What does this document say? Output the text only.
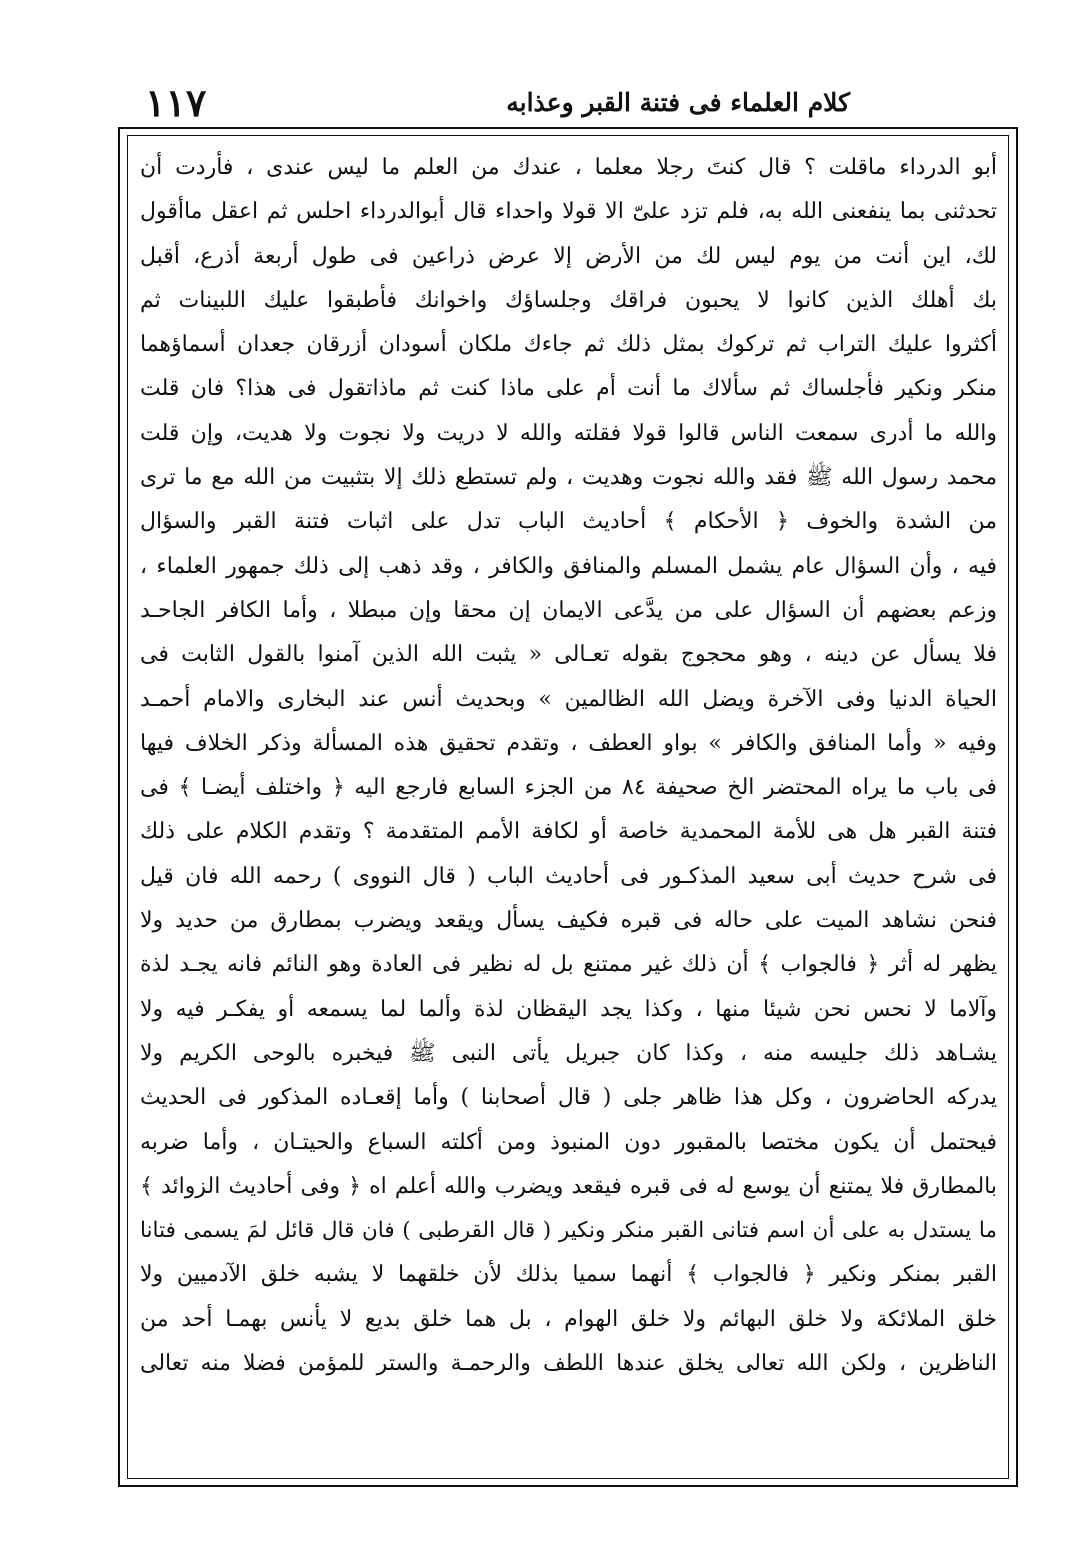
١١٧	كلام العلماء فى فتنة القبر وعذابه
أبو الدرداء ماقلت ؟ قال كنتَ رجلا معلما ، عندك من العلم ما ليس عندى ، فأردت أن
تحدثنى بما ينفعنى الله به، فلم تزد علىّ الا قولا واحداء قال أبوالدرداء احلس ثم اعقل ماأقول
لك، اين أنت من يوم ليس لك من الأرض إلا عرض ذراعين فى طول أربعة أذرع، أقبل
بك أهلك الذين كانوا لا يحبون فراقك وجلساؤك واخوانك فأطبقوا عليك اللبينات ثم
أكثروا عليك التراب ثم تركوك بمثل ذلك ثم جاءك ملكان أسودان أزرقان جعدان أسماؤهما
منكر ونكير فأجلساك ثم سألاك ما أنت أم على ماذا كنت ثم ماذاتقول فى هذا؟ فان قلت
والله ما أدرى سمعت الناس قالوا قولا فقلته والله لا دريت ولا نجوت ولا هديت، وإن قلت
محمد رسول الله ﷺ فقد والله نجوت وهديت ، ولم تستطع ذلك إلا بتثبيت من الله مع ما ترى
من الشدة والخوف ﴿ الأحكام ﴾ أحاديث الباب تدل على اثبات فتنة القبر والسؤال
فيه ، وأن السؤال عام يشمل المسلم والمنافق والكافر ، وقد ذهب إلى ذلك جمهور العلماء ،
وزعم بعضهم أن السؤال على من يدَّعى الايمان إن محقا وإن مبطلا ، وأما الكافر الجاحـد
فلا يسأل عن دينه ، وهو محجوج بقوله تعـالى « يثبت الله الذين آمنوا بالقول الثابت فى
الحياة الدنيا وفى الآخرة ويضل الله الظالمين » وبحديث أنس عند البخارى والامام أحمـد
وفيه « وأما المنافق والكافر » بواو العطف ، وتقدم تحقيق هذه المسألة وذكر الخلاف فيها
فى باب ما يراه المحتضر الخ صحيفة ٨٤ من الجزء السابع فارجع اليه ﴿ واختلف أيضـا ﴾ فى
فتنة القبر هل هى للأمة المحمدية خاصة أو لكافة الأمم المتقدمة ؟ وتقدم الكلام على ذلك
فى شرح حديث أبى سعيد المذكـور فى أحاديث الباب ( قال النووى ) رحمه الله فان قيل
فنحن نشاهد الميت على حاله فى قبره فكيف يسأل ويقعد ويضرب بمطارق من حديد ولا
يظهر له أثر ﴿ فالجواب ﴾ أن ذلك غير ممتنع بل له نظير فى العادة وهو النائم فانه يجـد لذة
وآلاما لا نحس نحن شيئا منها ، وكذا يجد اليقظان لذة وألما لما يسمعه أو يفكـر فيه ولا
يشـاهد ذلك جليسه منه ، وكذا كان جبريل يأتى النبى ﷺ فيخبره بالوحى الكريم ولا
يدركه الحاضرون ، وكل هذا ظاهر جلى ( قال أصحابنا ) وأما إقعـاده المذكور فى الحديث
فيحتمل أن يكون مختصا بالمقبور دون المنبوذ ومن أكلته السباع والحيتـان ، وأما ضربه
بالمطارق فلا يمتنع أن يوسع له فى قبره فيقعد ويضرب والله أعلم اه ﴿ وفى أحاديث الزوائد ﴾
ما يستدل به على أن اسم فتانى القبر منكر ونكير ( قال القرطبى ) فان قال قائل لمَ يسمى فتانا
القبر بمنكر ونكير ﴿ فالجواب ﴾ أنهما سميا بذلك لأن خلقهما لا يشبه خلق الآدميين ولا
خلق الملائكة ولا خلق البهائم ولا خلق الهوام ، بل هما خلق بديع لا يأنس بهمـا أحد من
الناظرين ، ولكن الله تعالى يخلق عندها اللطف والرحمـة والستر للمؤمن فضلا منه تعالى
